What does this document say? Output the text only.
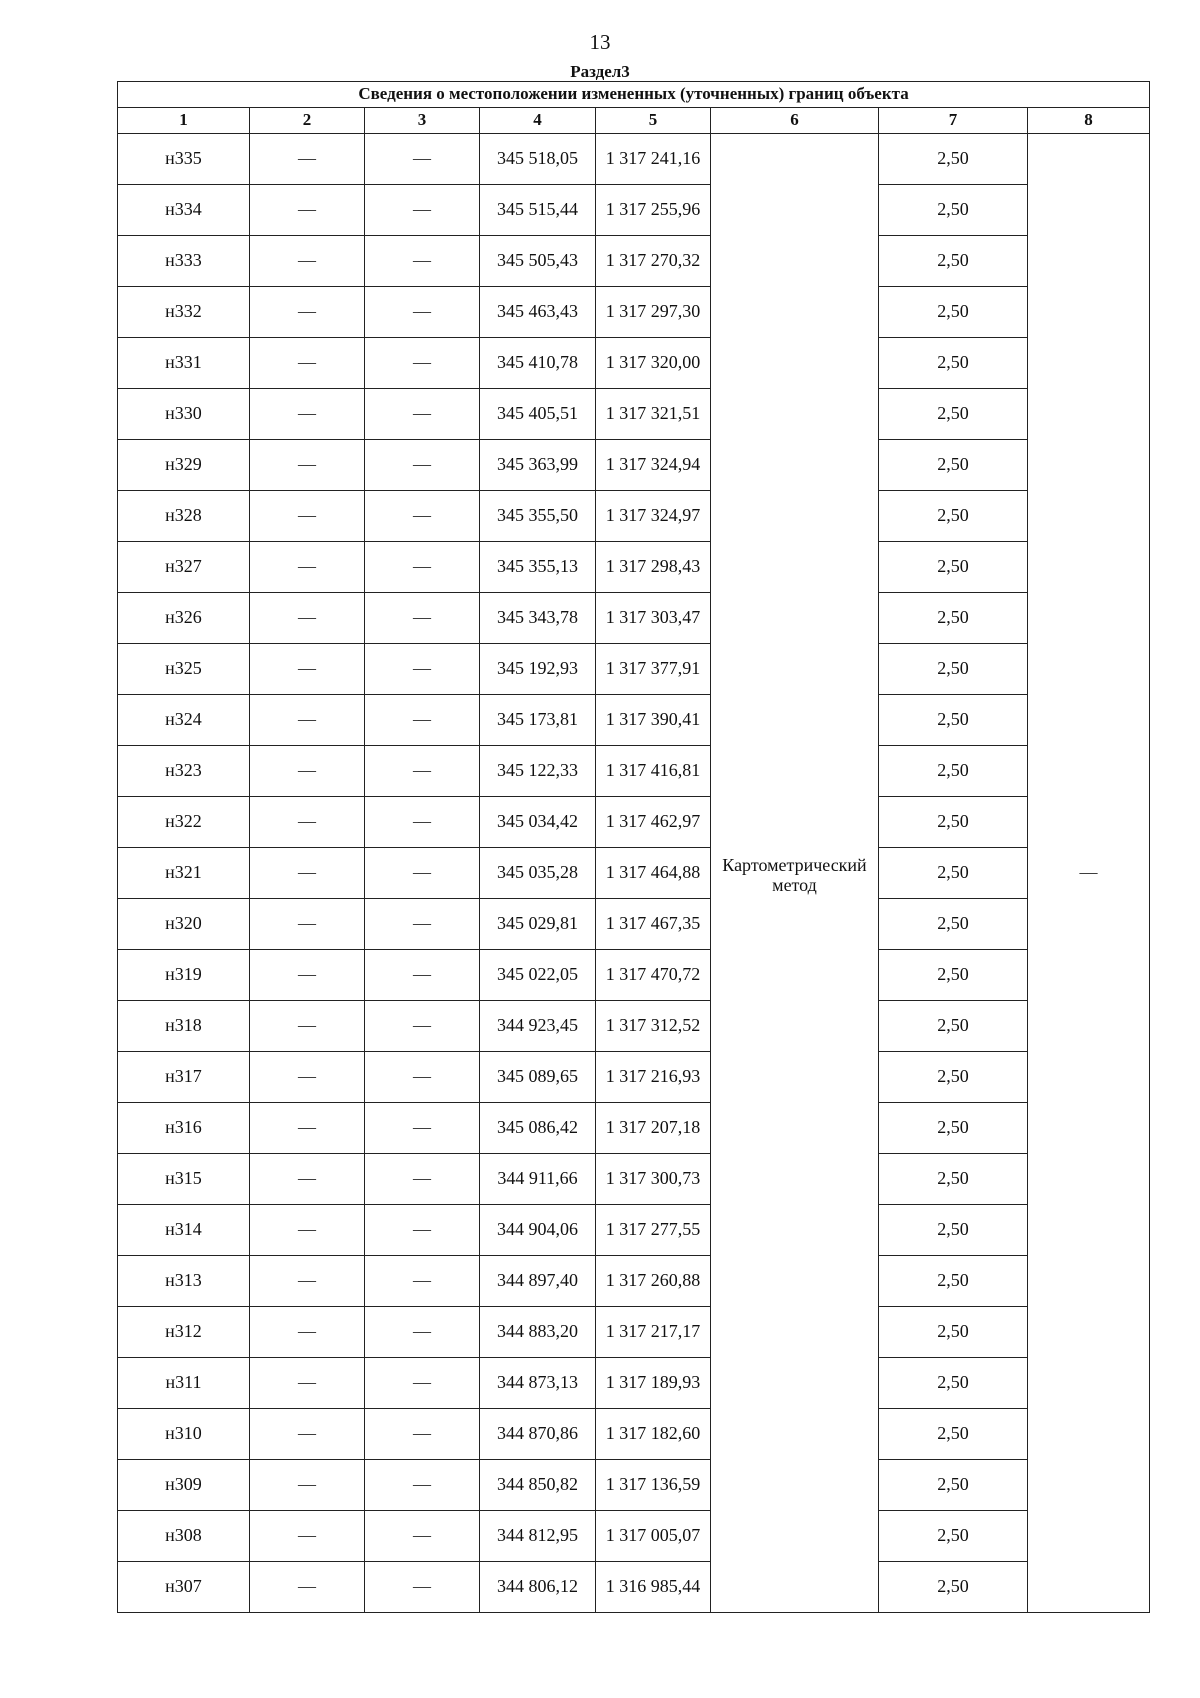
13
Раздел3
Сведения о местоположении измененных (уточненных) границ объекта							
1	2	3	4	5	6	7	8
н335	—	—	345 518,05	1 317 241,16	Картометрический метод	2,50	—
н334	—	—	345 515,44	1 317 255,96		2,50	
н333	—	—	345 505,43	1 317 270,32		2,50	
н332	—	—	345 463,43	1 317 297,30		2,50	
н331	—	—	345 410,78	1 317 320,00		2,50	
н330	—	—	345 405,51	1 317 321,51		2,50	
н329	—	—	345 363,99	1 317 324,94		2,50	
н328	—	—	345 355,50	1 317 324,97		2,50	
н327	—	—	345 355,13	1 317 298,43		2,50	
н326	—	—	345 343,78	1 317 303,47		2,50	
н325	—	—	345 192,93	1 317 377,91		2,50	
н324	—	—	345 173,81	1 317 390,41		2,50	
н323	—	—	345 122,33	1 317 416,81		2,50	
н322	—	—	345 034,42	1 317 462,97		2,50	
н321	—	—	345 035,28	1 317 464,88		2,50	
н320	—	—	345 029,81	1 317 467,35		2,50	
н319	—	—	345 022,05	1 317 470,72		2,50	
н318	—	—	344 923,45	1 317 312,52		2,50	
н317	—	—	345 089,65	1 317 216,93		2,50	
н316	—	—	345 086,42	1 317 207,18		2,50	
н315	—	—	344 911,66	1 317 300,73		2,50	
н314	—	—	344 904,06	1 317 277,55		2,50	
н313	—	—	344 897,40	1 317 260,88		2,50	
н312	—	—	344 883,20	1 317 217,17		2,50	
н311	—	—	344 873,13	1 317 189,93		2,50	
н310	—	—	344 870,86	1 317 182,60		2,50	
н309	—	—	344 850,82	1 317 136,59		2,50	
н308	—	—	344 812,95	1 317 005,07		2,50	
н307	—	—	344 806,12	1 316 985,44		2,50	
